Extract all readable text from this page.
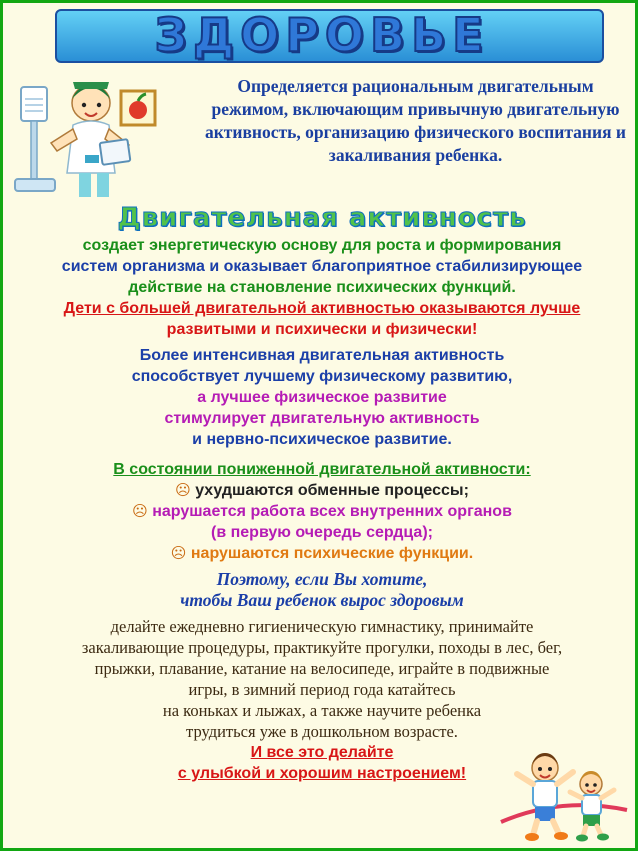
ЗДОРОВЬЕ
Определяется рациональным двигательным режимом, включающим привычную двигательную активность, организацию физического воспитания и закаливания ребенка.
Двигательная активность
создает энергетическую основу для роста и формирования
систем организма и оказывает благоприятное стабилизирующее
действие на становление психических функций.
Дети с большей двигательной активностью оказываются лучше
развитыми и психически и физически!
Более интенсивная двигательная активность
способствует лучшему физическому развитию,
а лучшее физическое развитие
стимулирует двигательную активность
и нервно-психическое развитие.
В состоянии пониженной двигательной активности:
☹ ухудшаются обменные процессы;
☹ нарушается работа всех внутренних органов
(в первую очередь сердца);
☹ нарушаются психические функции.
Поэтому, если Вы хотите,
чтобы Ваш ребенок вырос здоровым
делайте ежедневно гигиеническую гимнастику, принимайте
закаливающие процедуры, практикуйте прогулки, походы в лес, бег,
прыжки, плавание, катание на велосипеде, играйте в подвижные
игры, в зимний период года катайтесь
на коньках и лыжах, а также научите ребенка
трудиться уже в дошкольном возрасте.
И все это делайте
с улыбкой и хорошим настроением!
